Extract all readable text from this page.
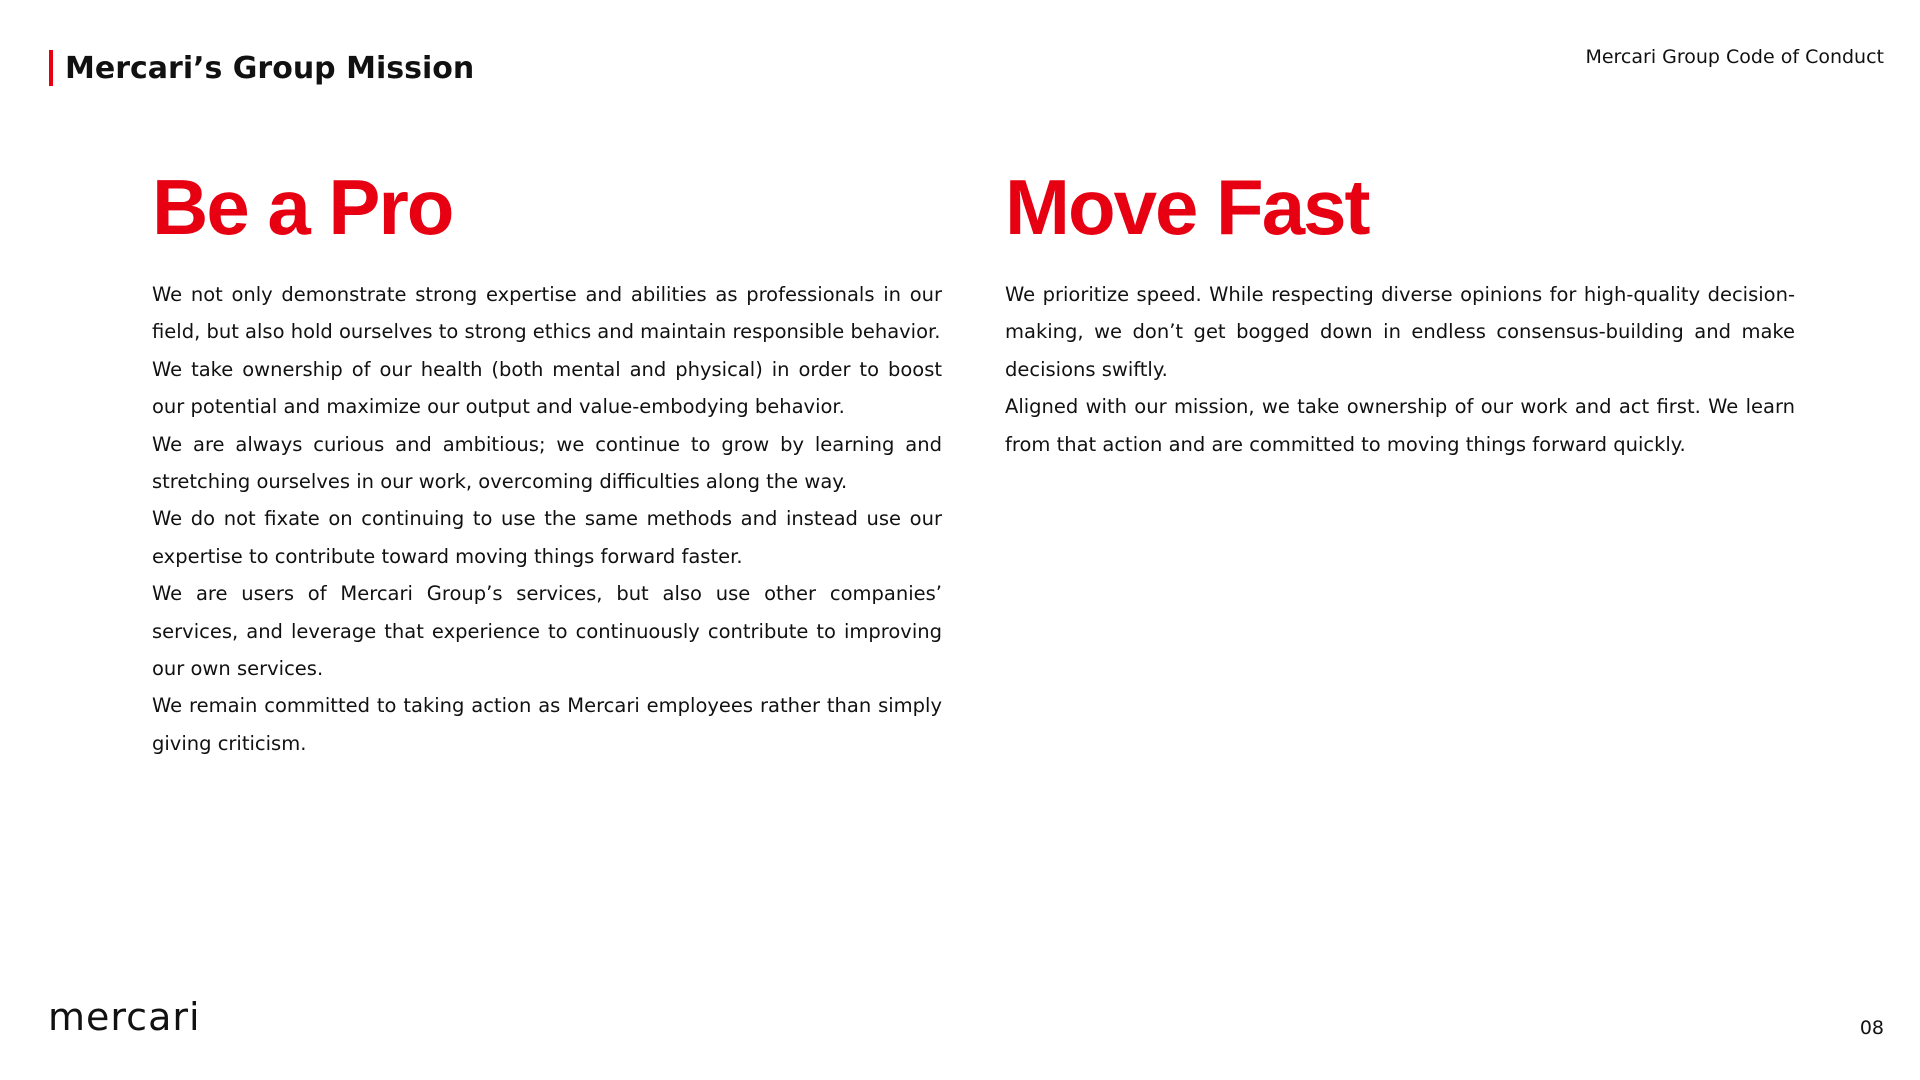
Mercari’s Group Mission	Mercari Group Code of Conduct
Be a Pro

We not only demonstrate strong expertise and abilities as professionals in our field, but also hold ourselves to strong ethics and maintain responsible behavior.

We take ownership of our health (both mental and physical) in order to boost our potential and maximize our output and value-embodying behavior.

We are always curious and ambitious; we continue to grow by learning and stretching ourselves in our work, overcoming difficulties along the way.

We do not fixate on continuing to use the same methods and instead use our expertise to contribute toward moving things forward faster.

We are users of Mercari Group’s services, but also use other companies’ services, and leverage that experience to continuously contribute to improving our own services.

We remain committed to taking action as Mercari employees rather than simply giving criticism.

Move Fast

We prioritize speed. While respecting diverse opinions for high-quality decision-making, we don’t get bogged down in endless consensus-building and make decisions swiftly.

Aligned with our mission, we take ownership of our work and act first. We learn from that action and are committed to moving things forward quickly.

mercari	08
